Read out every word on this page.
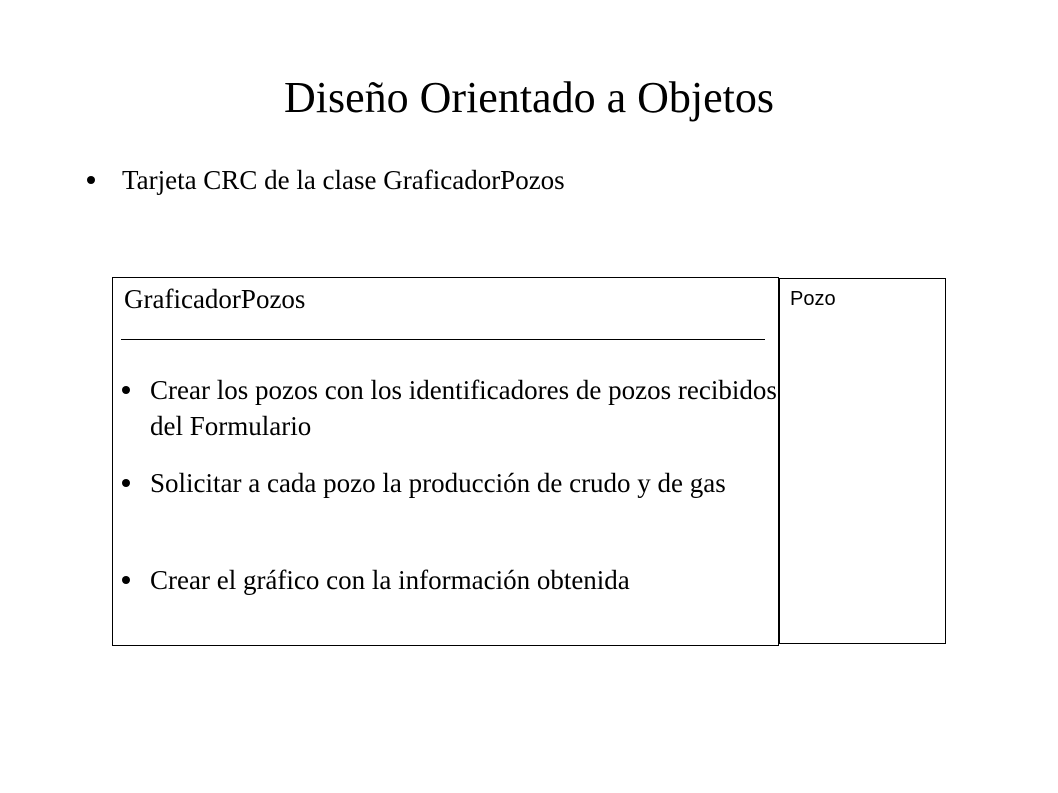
Diseño Orientado a Objetos
Tarjeta CRC de la clase GraficadorPozos
GraficadorPozos
Crear los pozos con los identificadores de pozos recibidos del Formulario
Solicitar a cada pozo la producción de crudo y de gas
Crear el gráfico con la información obtenida
Pozo
